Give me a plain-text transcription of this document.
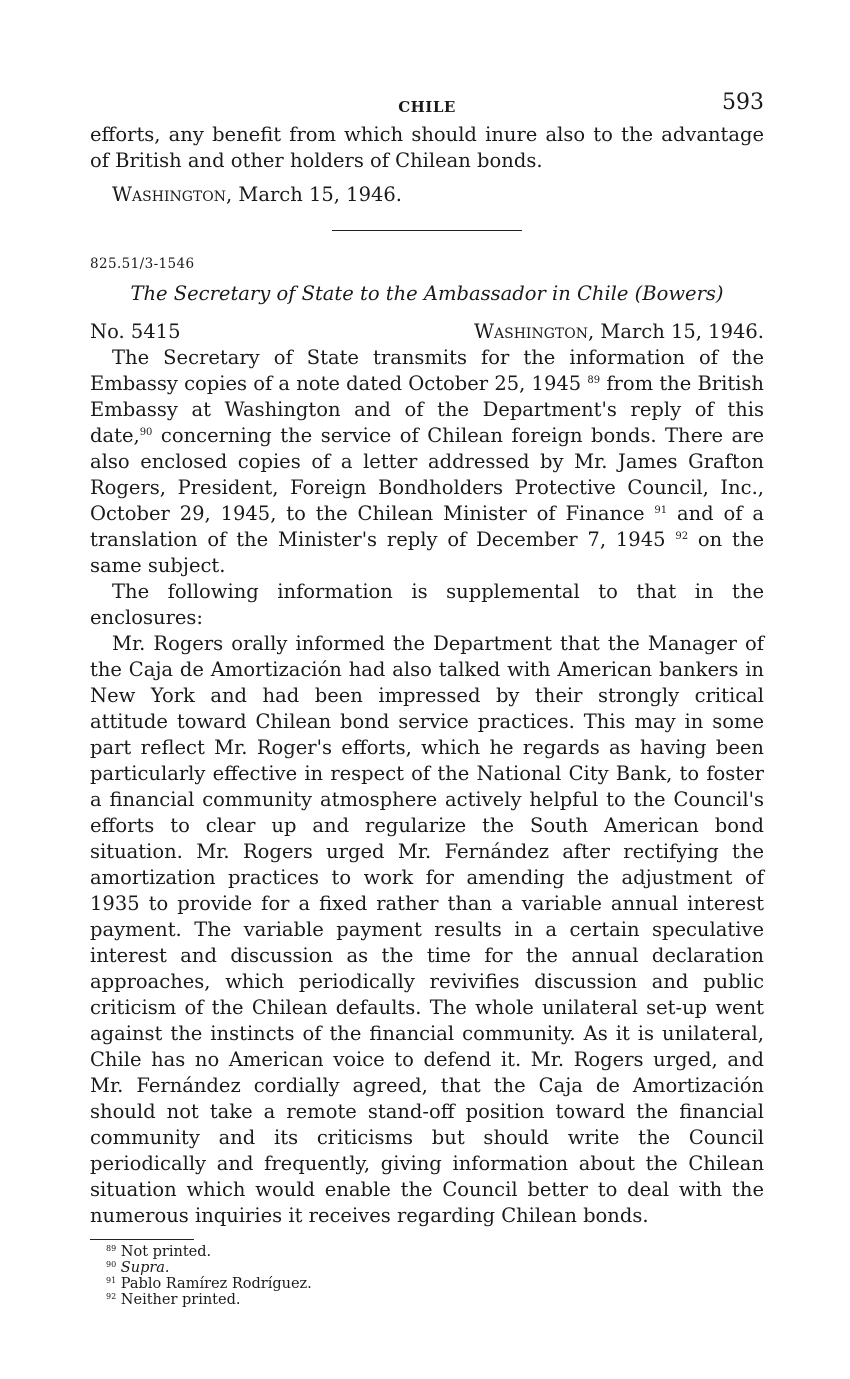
CHILE	593

efforts, any benefit from which should inure also to the advantage of British and other holders of Chilean bonds.

Washington, March 15, 1946.
825.51/3-1546
The Secretary of State to the Ambassador in Chile (Bowers)
No. 5415	Washington, March 15, 1946.

The Secretary of State transmits for the information of the Embassy copies of a note dated October 25, 1945 $^{89}$ from the British Embassy at Washington and of the Department's reply of this date,$^{90}$ concerning the service of Chilean foreign bonds. There are also enclosed copies of a letter addressed by Mr. James Grafton Rogers, President, Foreign Bondholders Protective Council, Inc., October 29, 1945, to the Chilean Minister of Finance $^{91}$ and of a translation of the Minister's reply of December 7, 1945 $^{92}$ on the same subject.

The following information is supplemental to that in the enclosures:

Mr. Rogers orally informed the Department that the Manager of the Caja de Amortización had also talked with American bankers in New York and had been impressed by their strongly critical attitude toward Chilean bond service practices. This may in some part reflect Mr. Roger's efforts, which he regards as having been particularly effective in respect of the National City Bank, to foster a financial community atmosphere actively helpful to the Council's efforts to clear up and regularize the South American bond situation. Mr. Rogers urged Mr. Fernández after rectifying the amortization practices to work for amending the adjustment of 1935 to provide for a fixed rather than a variable annual interest payment. The variable payment results in a certain speculative interest and discussion as the time for the annual declaration approaches, which periodically revivifies discussion and public criticism of the Chilean defaults. The whole unilateral set-up went against the instincts of the financial community. As it is unilateral, Chile has no American voice to defend it. Mr. Rogers urged, and Mr. Fernández cordially agreed, that the Caja de Amortización should not take a remote stand-off position toward the financial community and its criticisms but should write the Council periodically and frequently, giving information about the Chilean situation which would enable the Council better to deal with the numerous inquiries it receives regarding Chilean bonds.

$^{89}$ Not printed.
$^{90}$ Supra.
$^{91}$ Pablo Ramírez Rodríguez.
$^{92}$ Neither printed.
